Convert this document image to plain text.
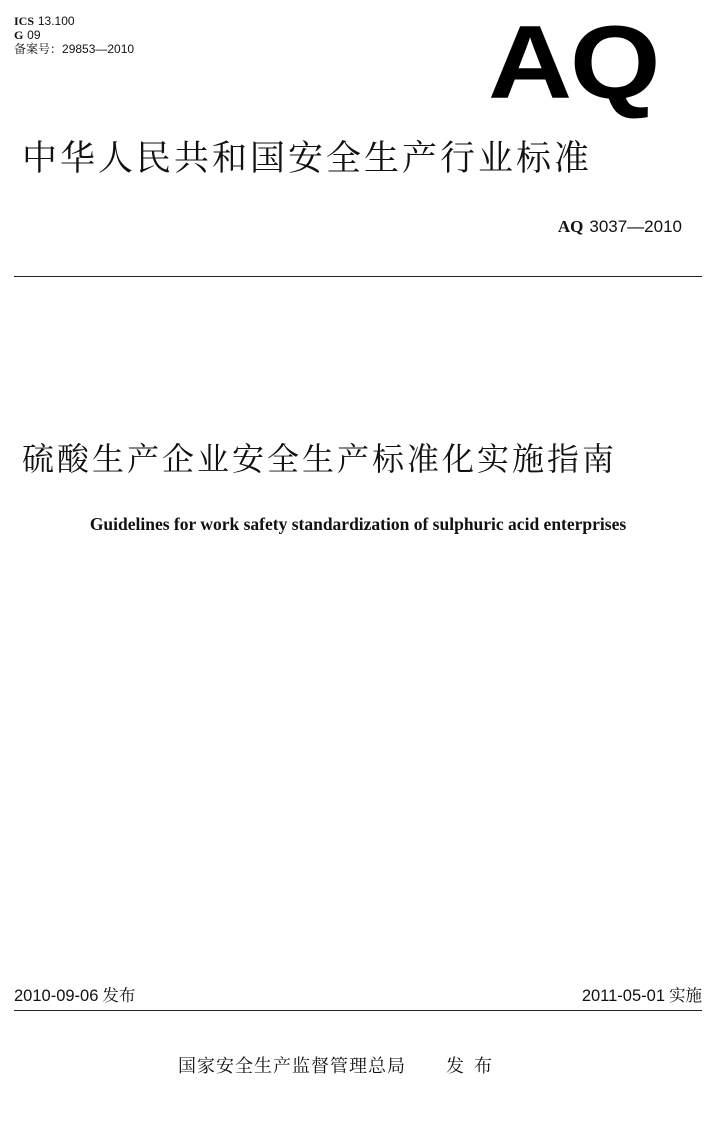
ICS 13.100
G 09
备案号：29853—2010	AQ
中华人民共和国安全生产行业标准
AQ 3037—2010
硫酸生产企业安全生产标准化实施指南
Guidelines for work safety standardization of sulphuric acid enterprises
2010-09-06 发布	2011-05-01 实施
国家安全生产监督管理总局 发布
